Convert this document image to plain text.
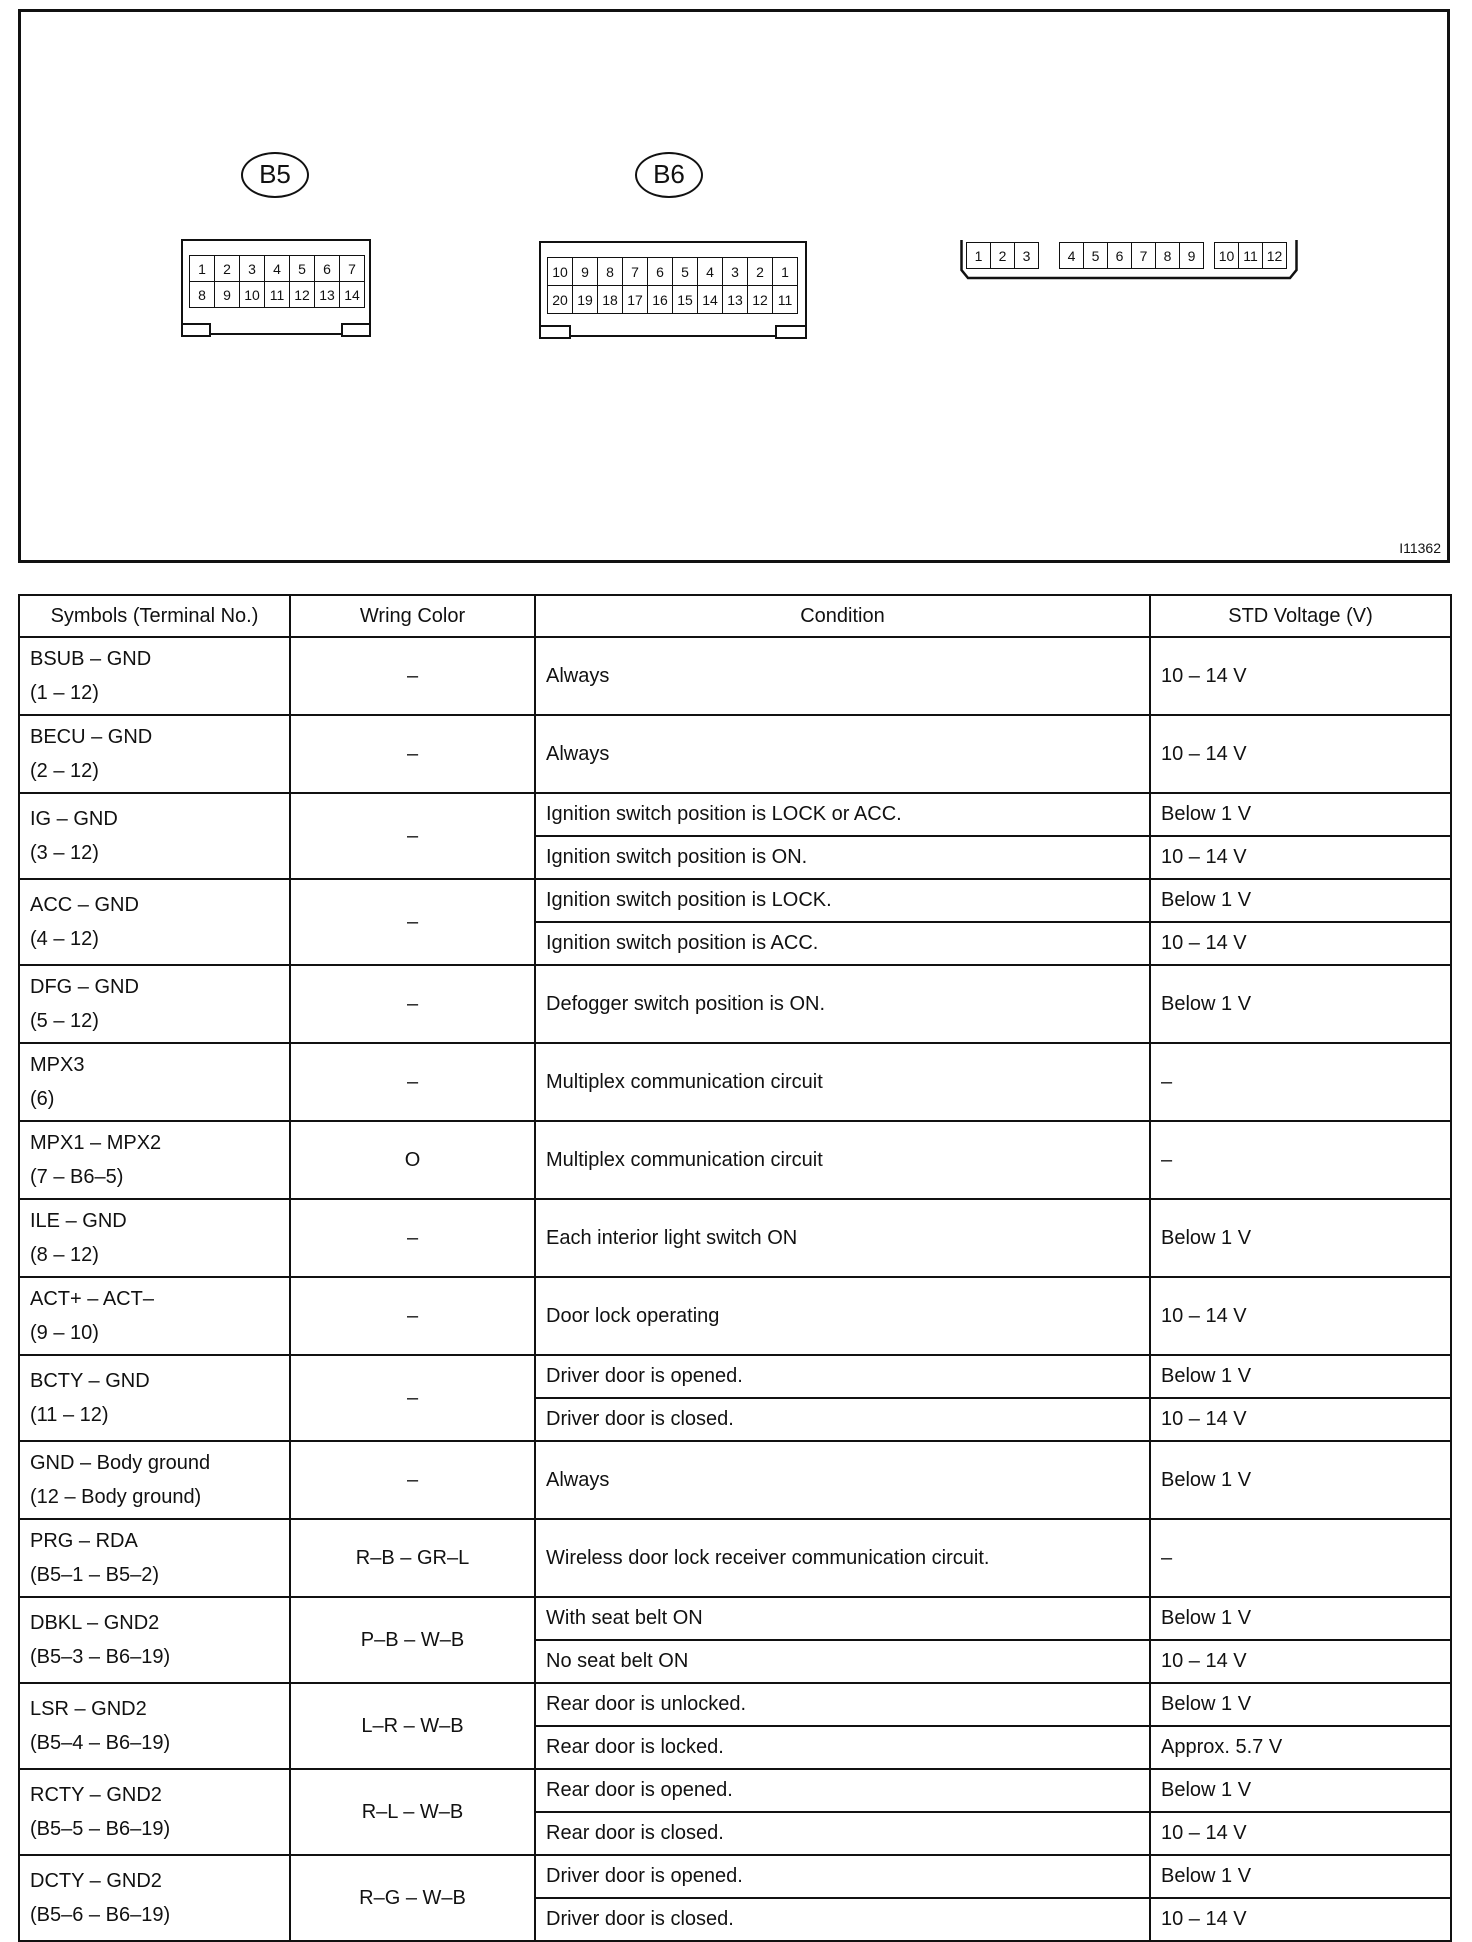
B5
1	2	3	4	5	6	7
8	9 10 11 12 13 14
B6
10 9	8	7	6	5	4	3	2	1
20 19 18 17 16 15 14 13 12 11
1	2	3	4	5	6	7	8	9	10 11 12
I11362
Symbols (Terminal No.)	Wring Color	Condition	STD Voltage (V)

BSUB – GND
(1 – 12)	–	Always	10 – 14 V

BECU – GND
(2 – 12)	–	Always	10 – 14 V

IG – GND
(3 – 12)	–	Ignition switch position is LOCK or ACC.	Below 1 V
		Ignition switch position is ON.	10 – 14 V

ACC – GND
(4 – 12)	–	Ignition switch position is LOCK.	Below 1 V
		Ignition switch position is ACC.	10 – 14 V

DFG – GND
(5 – 12)	–	Defogger switch position is ON.	Below 1 V

MPX3
(6)	–	Multiplex communication circuit	–

MPX1 – MPX2
(7 – B6–5)	O	Multiplex communication circuit	–

ILE – GND
(8 – 12)	–	Each interior light switch ON	Below 1 V

ACT+ – ACT–
(9 – 10)	–	Door lock operating	10 – 14 V

BCTY – GND
(11 – 12)	–	Driver door is opened.	Below 1 V
		Driver door is closed.	10 – 14 V

GND – Body ground
(12 – Body ground)	–	Always	Below 1 V

PRG – RDA
(B5–1 – B5–2)	R–B – GR–L	Wireless door lock receiver communication circuit.	–

DBKL – GND2
(B5–3 – B6–19)	P–B – W–B	With seat belt ON	Below 1 V
		No seat belt ON	10 – 14 V

LSR – GND2
(B5–4 – B6–19)	L–R – W–B	Rear door is unlocked.	Below 1 V
		Rear door is locked.	Approx. 5.7 V

RCTY – GND2
(B5–5 – B6–19)	R–L – W–B	Rear door is opened.	Below 1 V
		Rear door is closed.	10 – 14 V

DCTY – GND2
(B5–6 – B6–19)	R–G – W–B	Driver door is opened.	Below 1 V
		Driver door is closed.	10 – 14 V
